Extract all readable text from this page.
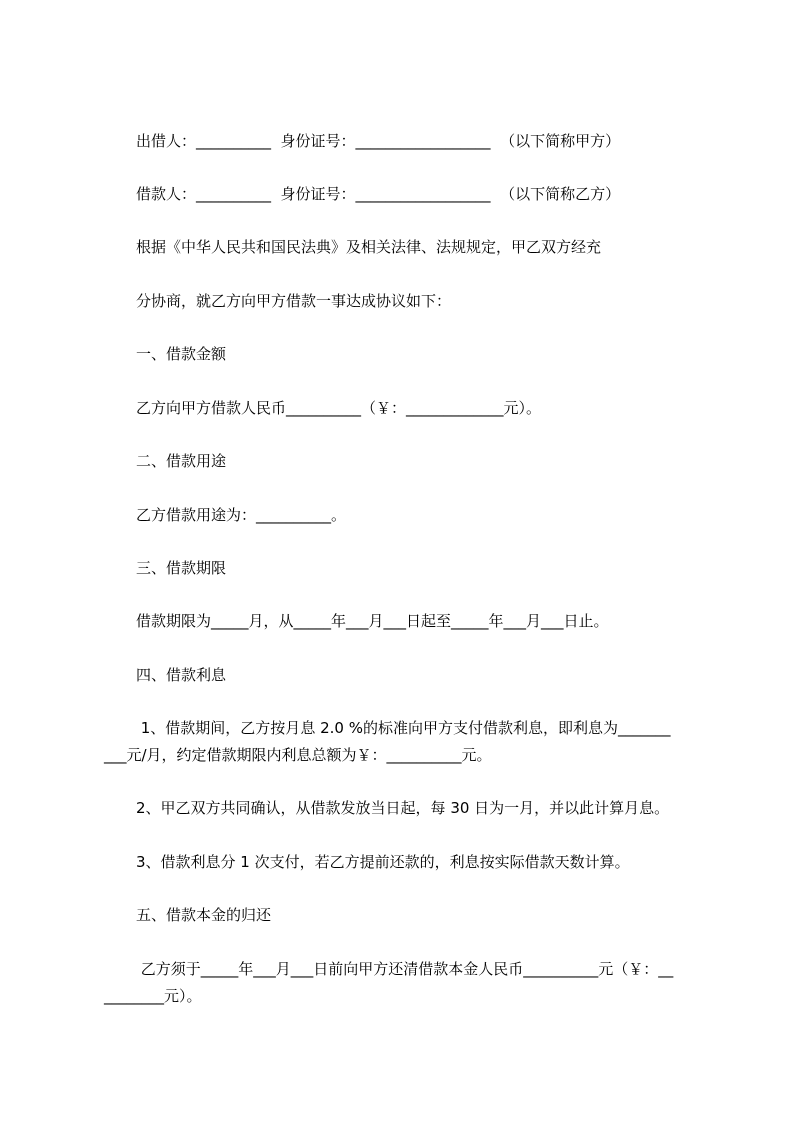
出借人：__________  身份证号：__________________  （以下简称甲方）
借款人：__________  身份证号：__________________  （以下简称乙方）
根据《中华人民共和国民法典》及相关法律、法规规定，甲乙双方经充
分协商，就乙方向甲方借款一事达成协议如下：
一、借款金额
乙方向甲方借款人民币__________（￥：_____________元）。
二、借款用途
乙方借款用途为：__________。
三、借款期限
借款期限为_____月，从_____年___月___日起至_____年___月___日止。
四、借款利息
1、借款期间，乙方按月息 2.0 %的标准向甲方支付借款利息，即利息为_______
___元/月，约定借款期限内利息总额为￥：__________元。
2、甲乙双方共同确认，从借款发放当日起，每 30 日为一月，并以此计算月息。
3、借款利息分 1 次支付，若乙方提前还款的，利息按实际借款天数计算。
五、借款本金的归还
乙方须于_____年___月___日前向甲方还清借款本金人民币__________元（￥：__
________元）。
